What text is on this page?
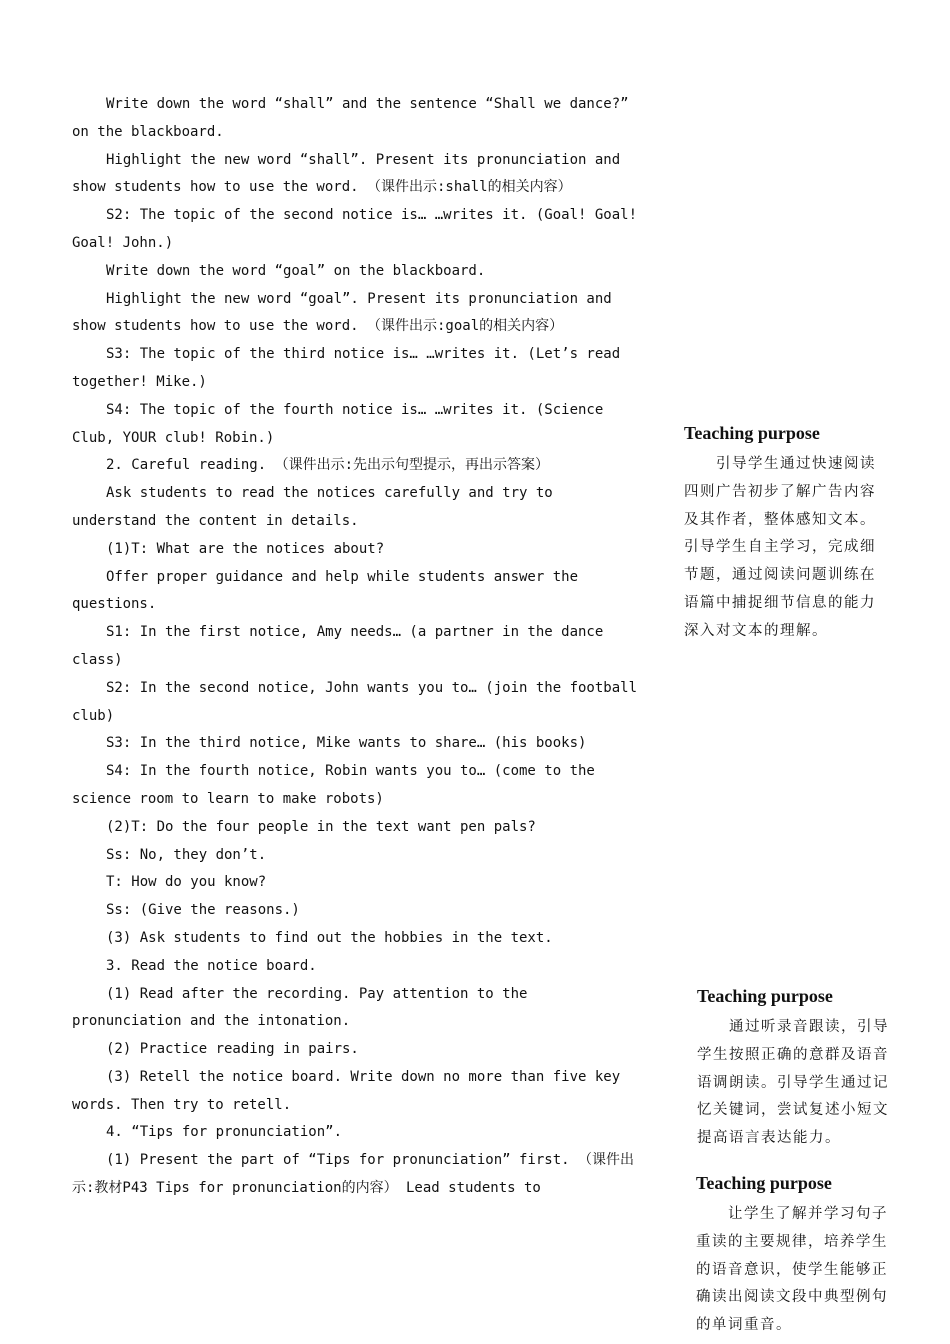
Write down the word “shall” and the sentence “Shall we dance?” on the blackboard.

Highlight the new word “shall”. Present its pronunciation and show students how to use the word. （课件出示:shall的相关内容）

S2: The topic of the second notice is… …writes it. (Goal! Goal! Goal! John.)

Write down the word “goal” on the blackboard.

Highlight the new word “goal”. Present its pronunciation and show students how to use the word. （课件出示:goal的相关内容）

S3: The topic of the third notice is… …writes it. (Let’s read together! Mike.)

S4: The topic of the fourth notice is… …writes it. (Science Club, YOUR club! Robin.)

2. Careful reading. （课件出示:先出示句型提示，再出示答案）

Ask students to read the notices carefully and try to understand the content in details.

(1)T: What are the notices about?

Offer proper guidance and help while students answer the questions.

S1: In the first notice, Amy needs… (a partner in the dance class)

S2: In the second notice, John wants you to… (join the football club)

S3: In the third notice, Mike wants to share… (his books)

S4: In the fourth notice, Robin wants you to… (come to the science room to learn to make robots)

(2)T: Do the four people in the text want pen pals?

Ss: No, they don’t.

T: How do you know?

Ss: (Give the reasons.)

(3) Ask students to find out the hobbies in the text.

3. Read the notice board.

(1) Read after the recording. Pay attention to the pronunciation and the intonation.

(2) Practice reading in pairs.

(3) Retell the notice board. Write down no more than five key words. Then try to retell.

4. “Tips for pronunciation”.

(1) Present the part of “Tips for pronunciation” first. （课件出示:教材P43 Tips for pronunciation的内容） Lead students to

Teaching purpose

引导学生通过快速阅读四则广告初步了解广告内容及其作者，整体感知文本。引导学生自主学习，完成细节题，通过阅读问题训练在语篇中捕捉细节信息的能力深入对文本的理解。

Teaching purpose

通过听录音跟读，引导学生按照正确的意群及语音语调朗读。引导学生通过记忆关键词，尝试复述小短文提高语言表达能力。

Teaching purpose

让学生了解并学习句子重读的主要规律，培养学生的语音意识，使学生能够正确读出阅读文段中典型例句的单词重音。
